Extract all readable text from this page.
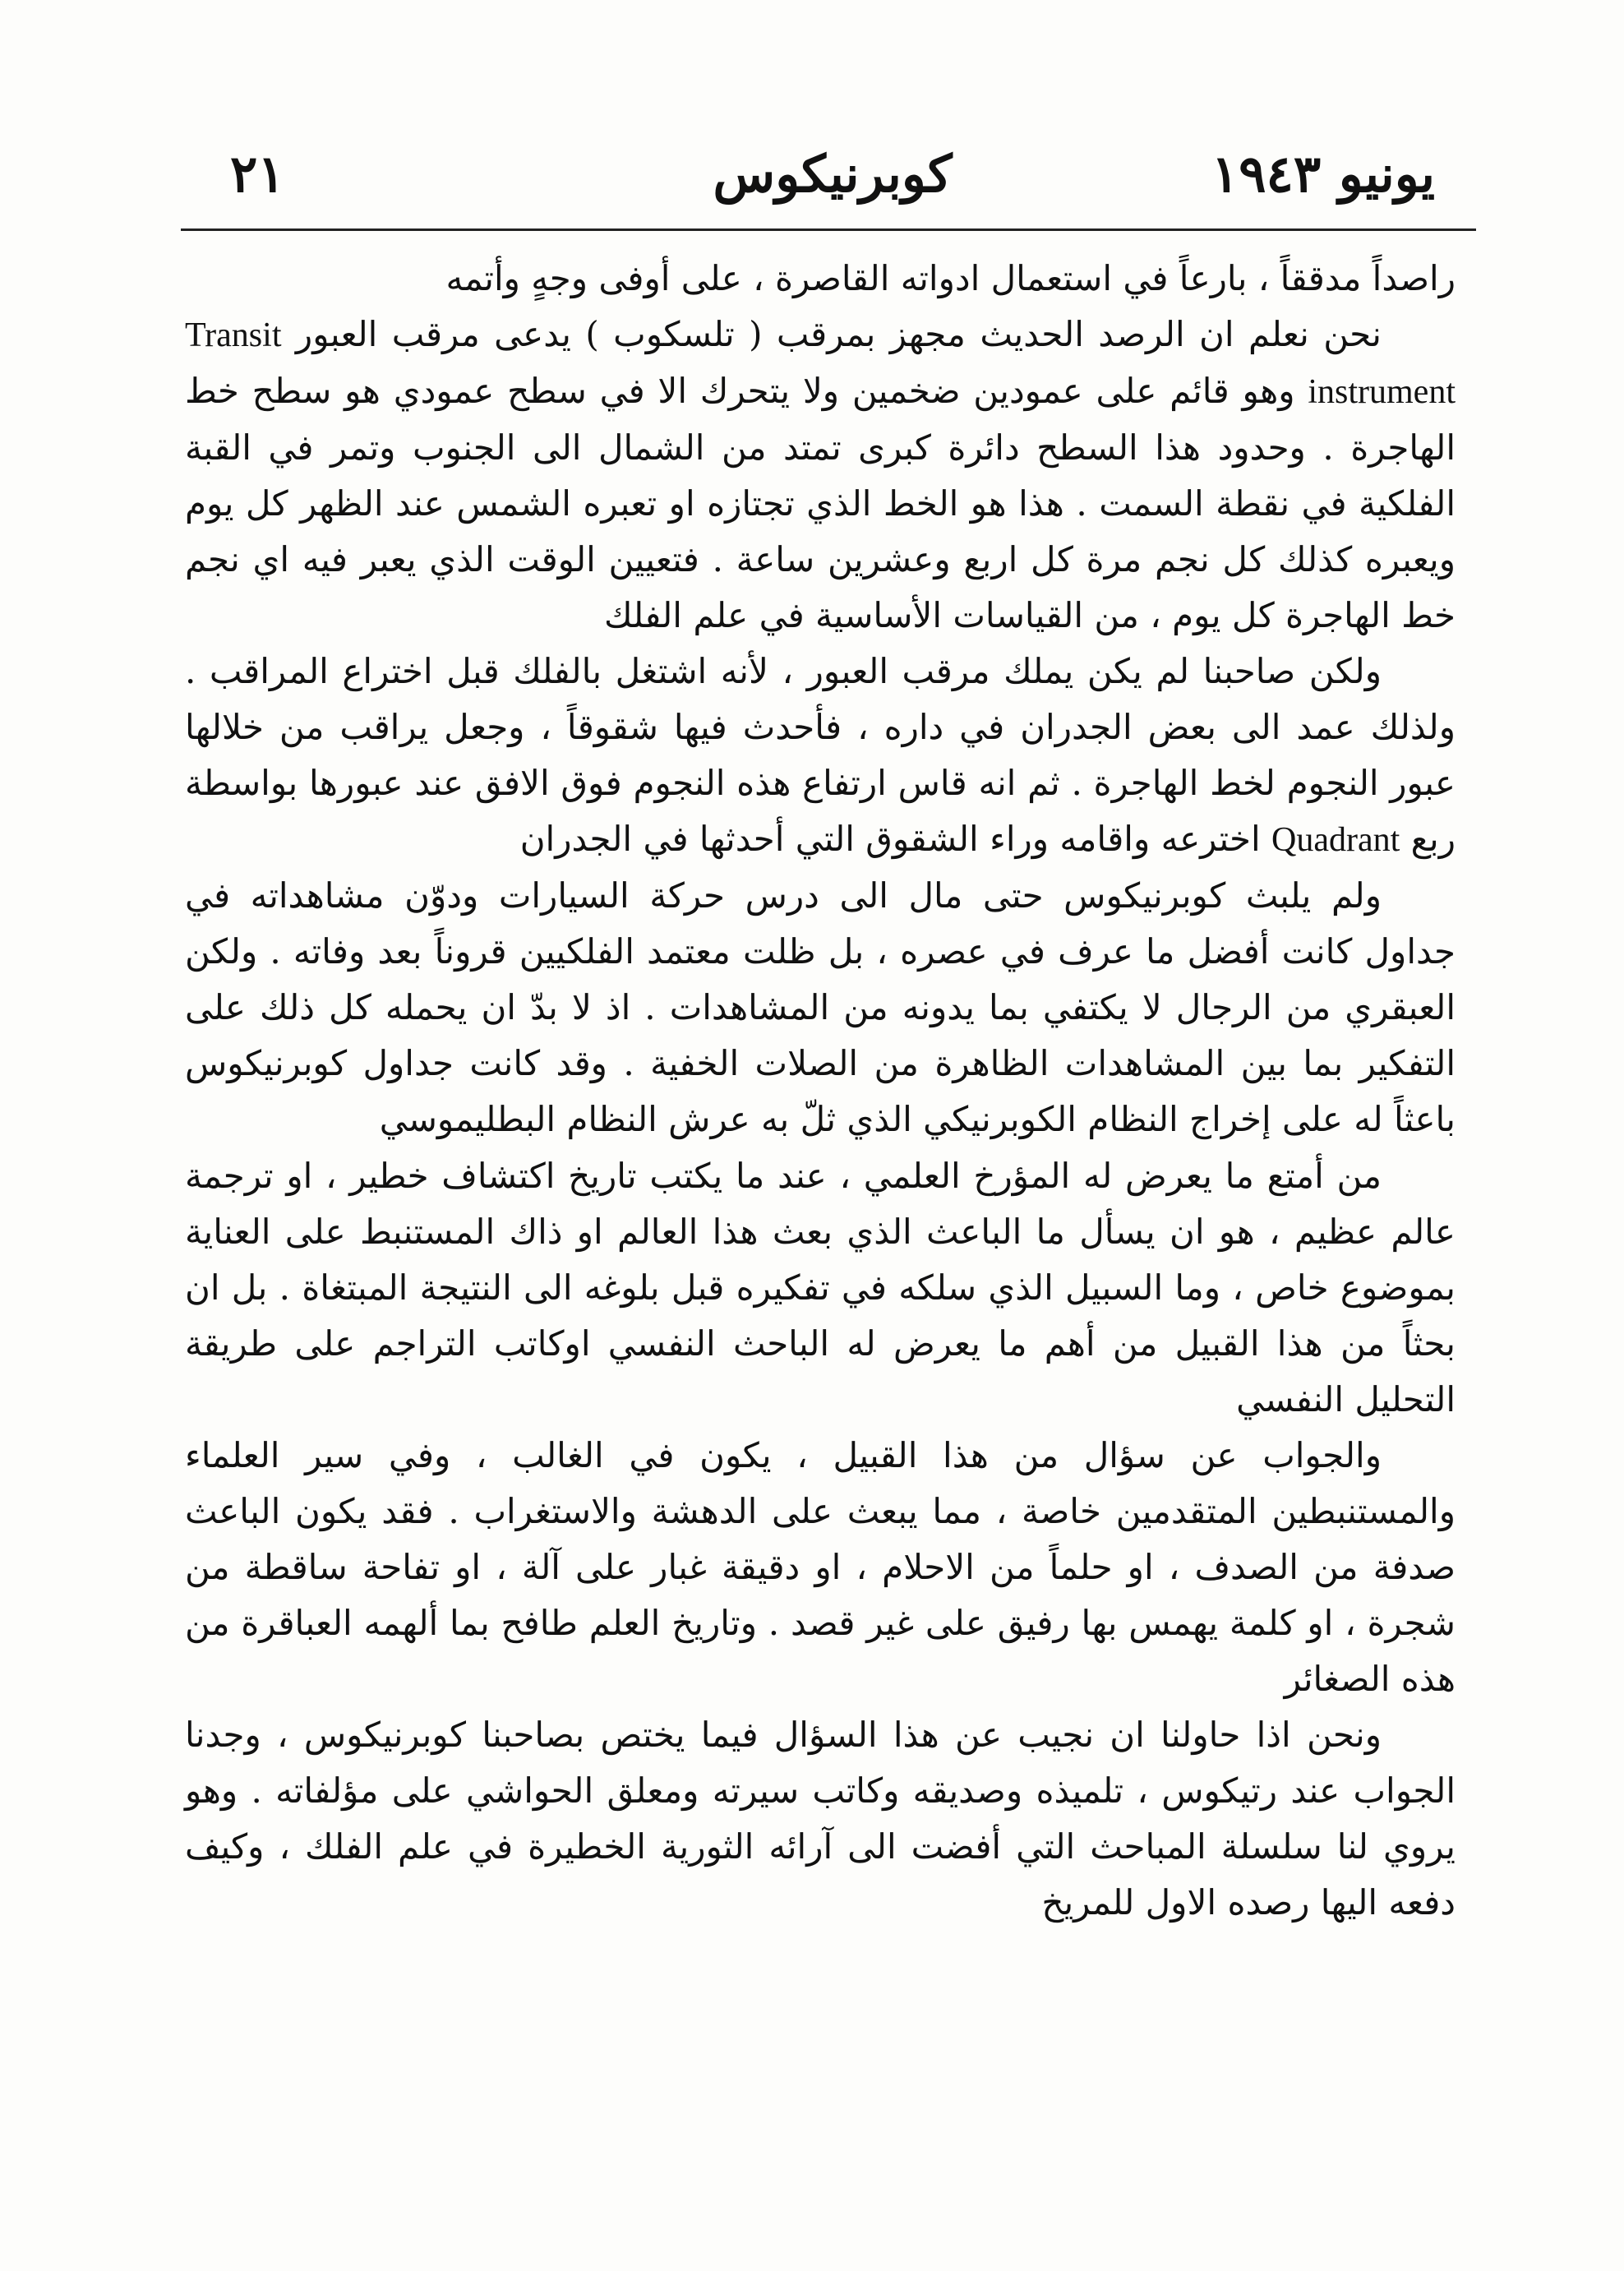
يونيو ١٩٤٣
كوبرنيكوس
٢١

راصداً مدققاً ، بارعاً في استعمال ادواته القاصرة ، على أوفى وجهٍ وأتمه

نحن نعلم ان الرصد الحديث مجهز بمرقب ( تلسكوب ) يدعى مرقب العبور Transit instrument وهو قائم على عمودين ضخمين ولا يتحرك الا في سطح عمودي هو سطح خط الهاجرة . وحدود هذا السطح دائرة كبرى تمتد من الشمال الى الجنوب وتمر في القبة الفلكية في نقطة السمت . هذا هو الخط الذي تجتازه او تعبره الشمس عند الظهر كل يوم ويعبره كذلك كل نجم مرة كل اربع وعشرين ساعة . فتعيين الوقت الذي يعبر فيه اي نجم خط الهاجرة كل يوم ، من القياسات الأساسية في علم الفلك

ولكن صاحبنا لم يكن يملك مرقب العبور ، لأنه اشتغل بالفلك قبل اختراع المراقب . ولذلك عمد الى بعض الجدران في داره ، فأحدث فيها شقوقاً ، وجعل يراقب من خلالها عبور النجوم لخط الهاجرة . ثم انه قاس ارتفاع هذه النجوم فوق الافق عند عبورها بواسطة ربع Quadrant اخترعه واقامه وراء الشقوق التي أحدثها في الجدران

ولم يلبث كوبرنيكوس حتى مال الى درس حركة السيارات ودوّن مشاهداته في جداول كانت أفضل ما عرف في عصره ، بل ظلت معتمد الفلكيين قروناً بعد وفاته . ولكن العبقري من الرجال لا يكتفي بما يدونه من المشاهدات . اذ لا بدّ ان يحمله كل ذلك على التفكير بما بين المشاهدات الظاهرة من الصلات الخفية . وقد كانت جداول كوبرنيكوس باعثاً له على إخراج النظام الكوبرنيكي الذي ثلّ به عرش النظام البطليموسي

من أمتع ما يعرض له المؤرخ العلمي ، عند ما يكتب تاريخ اكتشاف خطير ، او ترجمة عالم عظيم ، هو ان يسأل ما الباعث الذي بعث هذا العالم او ذاك المستنبط على العناية بموضوع خاص ، وما السبيل الذي سلكه في تفكيره قبل بلوغه الى النتيجة المبتغاة . بل ان بحثاً من هذا القبيل من أهم ما يعرض له الباحث النفسي اوكاتب التراجم على طريقة التحليل النفسي

والجواب عن سؤال من هذا القبيل ، يكون في الغالب ، وفي سير العلماء والمستنبطين المتقدمين خاصة ، مما يبعث على الدهشة والاستغراب . فقد يكون الباعث صدفة من الصدف ، او حلماً من الاحلام ، او دقيقة غبار على آلة ، او تفاحة ساقطة من شجرة ، او كلمة يهمس بها رفيق على غير قصد . وتاريخ العلم طافح بما ألهمه العباقرة من هذه الصغائر

ونحن اذا حاولنا ان نجيب عن هذا السؤال فيما يختص بصاحبنا كوبرنيكوس ، وجدنا الجواب عند رتيكوس ، تلميذه وصديقه وكاتب سيرته ومعلق الحواشي على مؤلفاته . وهو يروي لنا سلسلة المباحث التي أفضت الى آرائه الثورية الخطيرة في علم الفلك ، وكيف دفعه اليها رصده الاول للمريخ
